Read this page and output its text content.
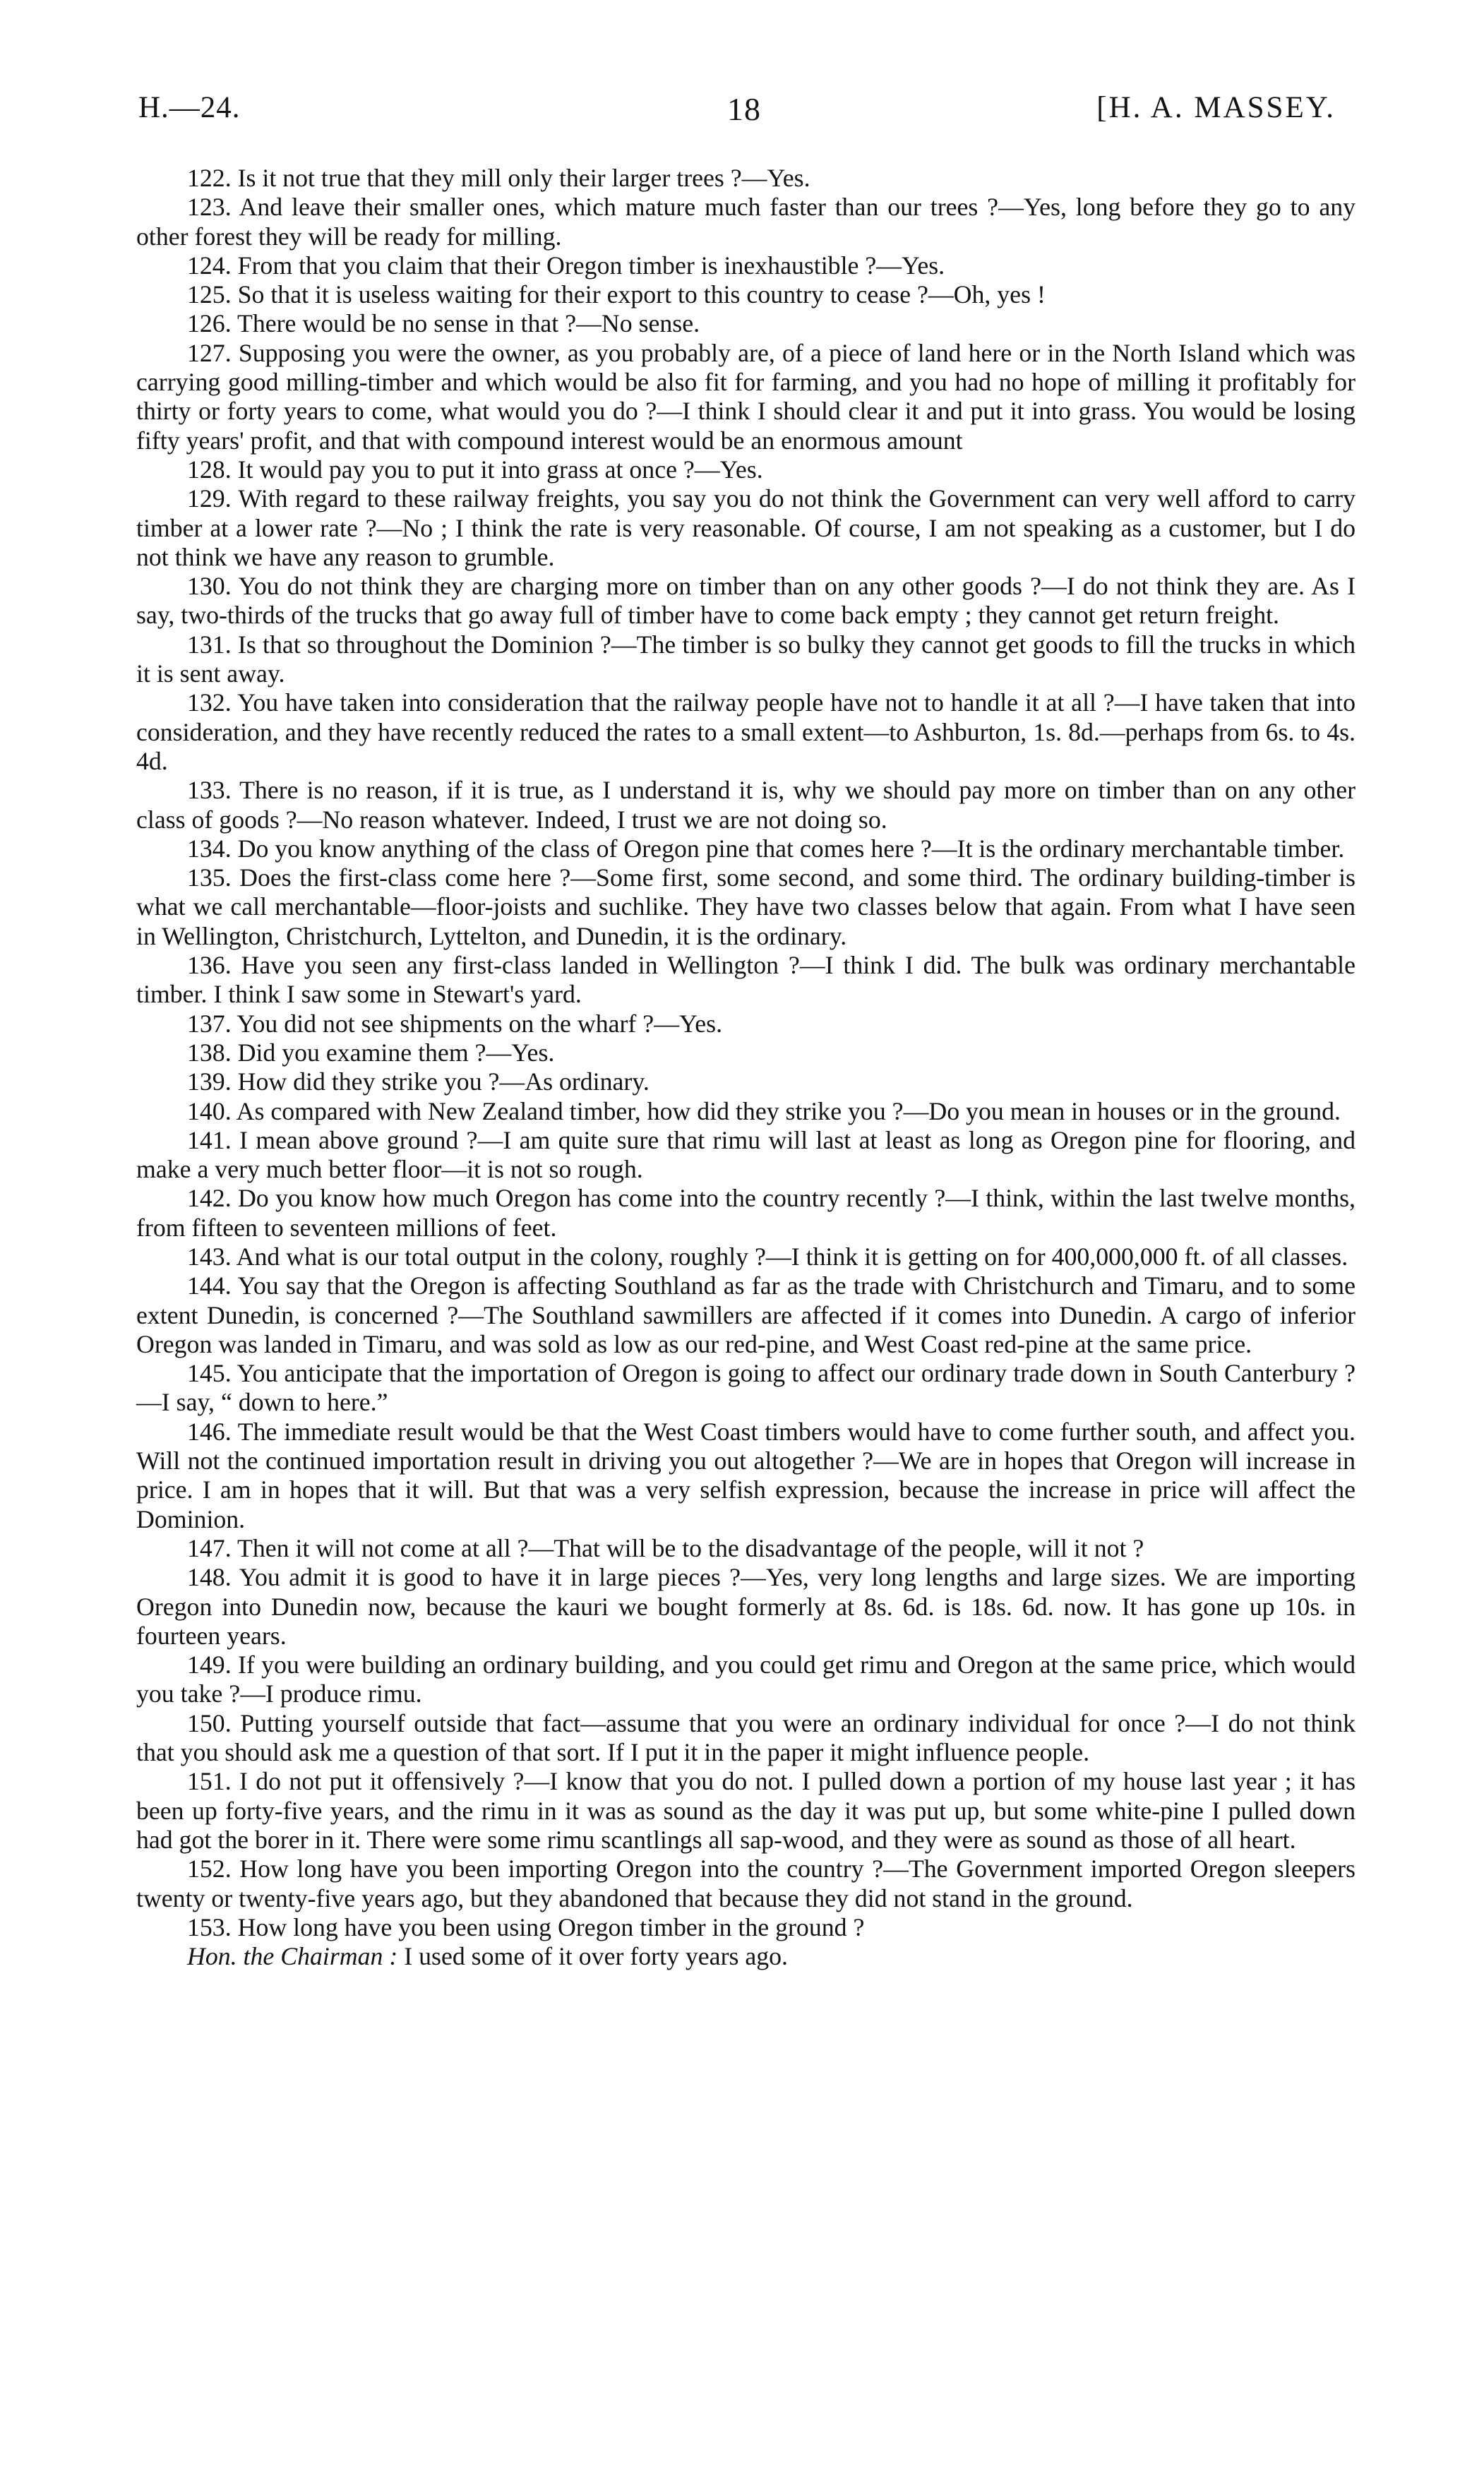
H.—24.	18	[H. A. MASSEY.

122. Is it not true that they mill only their larger trees ?—Yes.

123. And leave their smaller ones, which mature much faster than our trees ?—Yes, long before they go to any other forest they will be ready for milling.

124. From that you claim that their Oregon timber is inexhaustible ?—Yes.

125. So that it is useless waiting for their export to this country to cease ?—Oh, yes !

126. There would be no sense in that ?—No sense.

127. Supposing you were the owner, as you probably are, of a piece of land here or in the North Island which was carrying good milling-timber and which would be also fit for farming, and you had no hope of milling it profitably for thirty or forty years to come, what would you do ?—I think I should clear it and put it into grass. You would be losing fifty years' profit, and that with compound interest would be an enormous amount

128. It would pay you to put it into grass at once ?—Yes.

129. With regard to these railway freights, you say you do not think the Government can very well afford to carry timber at a lower rate ?—No ; I think the rate is very reasonable. Of course, I am not speaking as a customer, but I do not think we have any reason to grumble.

130. You do not think they are charging more on timber than on any other goods ?—I do not think they are. As I say, two-thirds of the trucks that go away full of timber have to come back empty ; they cannot get return freight.

131. Is that so throughout the Dominion ?—The timber is so bulky they cannot get goods to fill the trucks in which it is sent away.

132. You have taken into consideration that the railway people have not to handle it at all ?—I have taken that into consideration, and they have recently reduced the rates to a small extent—to Ashburton, 1s. 8d.—perhaps from 6s. to 4s. 4d.

133. There is no reason, if it is true, as I understand it is, why we should pay more on timber than on any other class of goods ?—No reason whatever. Indeed, I trust we are not doing so.

134. Do you know anything of the class of Oregon pine that comes here ?—It is the ordinary merchantable timber.

135. Does the first-class come here ?—Some first, some second, and some third. The ordinary building-timber is what we call merchantable—floor-joists and suchlike. They have two classes below that again. From what I have seen in Wellington, Christchurch, Lyttelton, and Dunedin, it is the ordinary.

136. Have you seen any first-class landed in Wellington ?—I think I did. The bulk was ordinary merchantable timber. I think I saw some in Stewart's yard.

137. You did not see shipments on the wharf ?—Yes.

138. Did you examine them ?—Yes.

139. How did they strike you ?—As ordinary.

140. As compared with New Zealand timber, how did they strike you ?—Do you mean in houses or in the ground.

141. I mean above ground ?—I am quite sure that rimu will last at least as long as Oregon pine for flooring, and make a very much better floor—it is not so rough.

142. Do you know how much Oregon has come into the country recently ?—I think, within the last twelve months, from fifteen to seventeen millions of feet.

143. And what is our total output in the colony, roughly ?—I think it is getting on for 400,000,000 ft. of all classes.

144. You say that the Oregon is affecting Southland as far as the trade with Christchurch and Timaru, and to some extent Dunedin, is concerned ?—The Southland sawmillers are affected if it comes into Dunedin. A cargo of inferior Oregon was landed in Timaru, and was sold as low as our red-pine, and West Coast red-pine at the same price.

145. You anticipate that the importation of Oregon is going to affect our ordinary trade down in South Canterbury ?—I say, “ down to here.”

146. The immediate result would be that the West Coast timbers would have to come further south, and affect you. Will not the continued importation result in driving you out altogether ?—We are in hopes that Oregon will increase in price. I am in hopes that it will. But that was a very selfish expression, because the increase in price will affect the Dominion.

147. Then it will not come at all ?—That will be to the disadvantage of the people, will it not ?

148. You admit it is good to have it in large pieces ?—Yes, very long lengths and large sizes. We are importing Oregon into Dunedin now, because the kauri we bought formerly at 8s. 6d. is 18s. 6d. now. It has gone up 10s. in fourteen years.

149. If you were building an ordinary building, and you could get rimu and Oregon at the same price, which would you take ?—I produce rimu.

150. Putting yourself outside that fact—assume that you were an ordinary individual for once ?—I do not think that you should ask me a question of that sort. If I put it in the paper it might influence people.

151. I do not put it offensively ?—I know that you do not. I pulled down a portion of my house last year ; it has been up forty-five years, and the rimu in it was as sound as the day it was put up, but some white-pine I pulled down had got the borer in it. There were some rimu scantlings all sap-wood, and they were as sound as those of all heart.

152. How long have you been importing Oregon into the country ?—The Government imported Oregon sleepers twenty or twenty-five years ago, but they abandoned that because they did not stand in the ground.

153. How long have you been using Oregon timber in the ground ?

Hon. the Chairman : I used some of it over forty years ago.
